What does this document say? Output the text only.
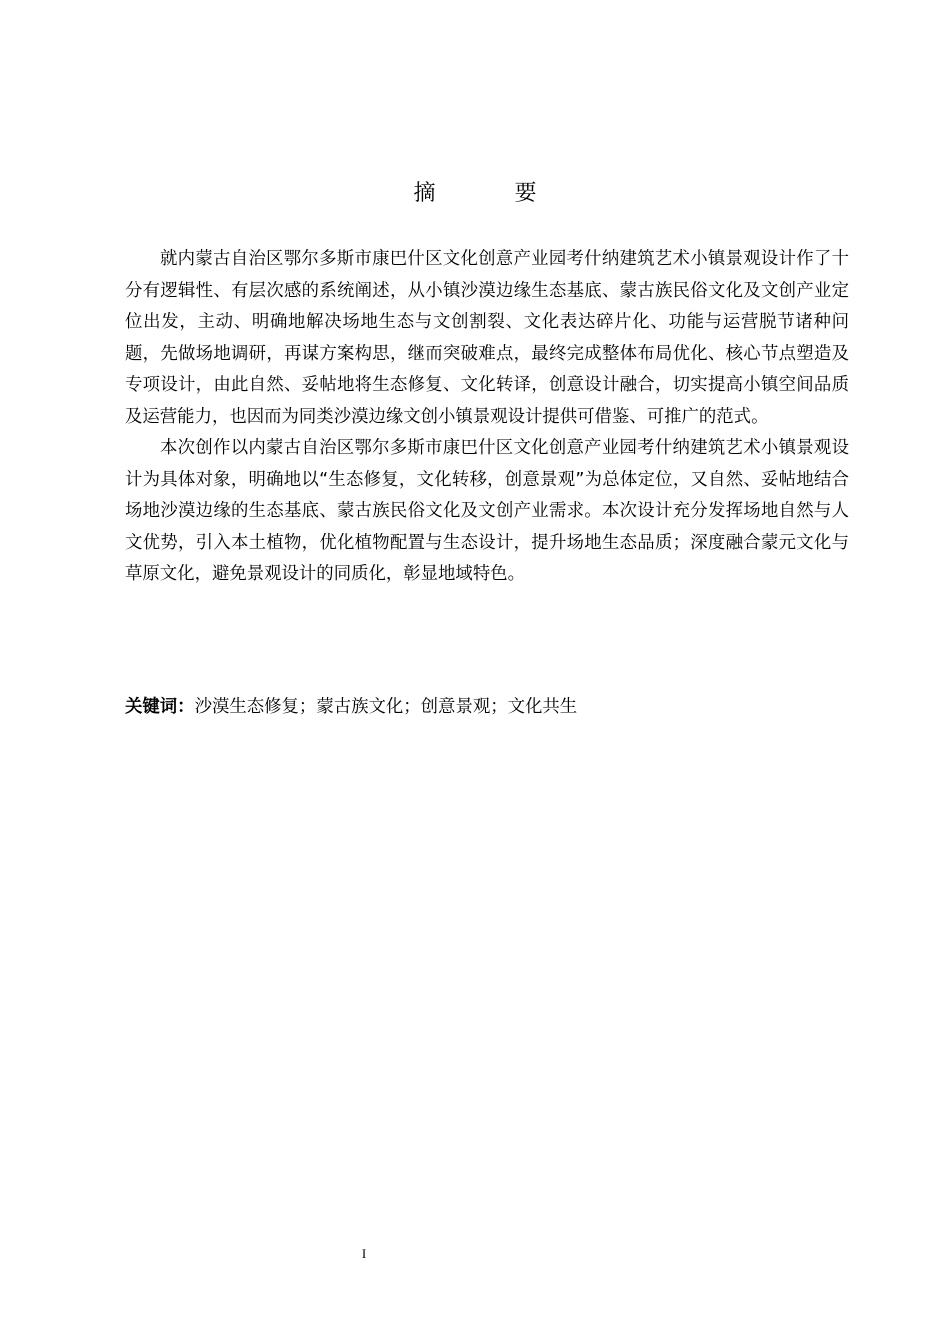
摘 要

就内蒙古自治区鄂尔多斯市康巴什区文化创意产业园考什纳建筑艺术小镇景观设计作了十分有逻辑性、有层次感的系统阐述，从小镇沙漠边缘生态基底、蒙古族民俗文化及文创产业定位出发，主动、明确地解决场地生态与文创割裂、文化表达碎片化、功能与运营脱节诸种问题，先做场地调研，再谋方案构思，继而突破难点，最终完成整体布局优化、核心节点塑造及专项设计，由此自然、妥帖地将生态修复、文化转译，创意设计融合，切实提高小镇空间品质及运营能力，也因而为同类沙漠边缘文创小镇景观设计提供可借鉴、可推广的范式。

本次创作以内蒙古自治区鄂尔多斯市康巴什区文化创意产业园考什纳建筑艺术小镇景观设计为具体对象，明确地以“生态修复，文化转移，创意景观”为总体定位，又自然、妥帖地结合场地沙漠边缘的生态基底、蒙古族民俗文化及文创产业需求。本次设计充分发挥场地自然与人文优势，引入本土植物，优化植物配置与生态设计，提升场地生态品质；深度融合蒙元文化与草原文化，避免景观设计的同质化，彰显地域特色。

关键词：沙漠生态修复；蒙古族文化；创意景观；文化共生

I
